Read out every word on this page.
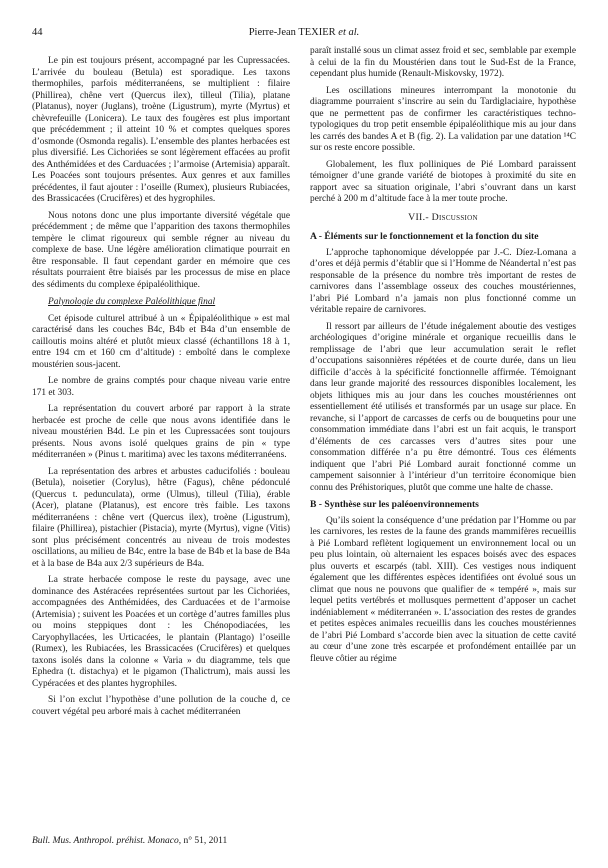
44	Pierre-Jean TEXIER et al.

Le pin est toujours présent, accompagné par les Cupressacées. L’arrivée du bouleau (Betula) est sporadique. Les taxons thermophiles, parfois méditerranéens, se multiplient : filaire (Phillirea), chêne vert (Quercus ilex), tilleul (Tilia), platane (Platanus), noyer (Juglans), troène (Ligustrum), myrte (Myrtus) et chèvrefeuille (Lonicera). Le taux des fougères est plus important que précédemment ; il atteint 10 % et comptes quelques spores d’osmonde (Osmonda regalis). L’ensemble des plantes herbacées est plus diversifié. Les Cichoriées se sont légèrement effacées au profit des Anthémidées et des Carduacées ; l’armoise (Artemisia) apparaît. Les Poacées sont toujours présentes. Aux genres et aux familles précédentes, il faut ajouter : l’oseille (Rumex), plusieurs Rubiacées, des Brassicacées (Crucifères) et des hygrophiles.

Nous notons donc une plus importante diversité végétale que précédemment ; de même que l’apparition des taxons thermophiles tempère le climat rigoureux qui semble régner au niveau du complexe de base. Une légère amélioration climatique pourrait en être responsable. Il faut cependant garder en mémoire que ces résultats pourraient être biaisés par les processus de mise en place des sédiments du complexe épipaléolithique.

Palynologie du complexe Paléolithique final

Cet épisode culturel attribué à un « Épipaléolithique » est mal caractérisé dans les couches B4c, B4b et B4a d’un ensemble de cailloutis moins altéré et plutôt mieux classé (échantillons 18 à 1, entre 194 cm et 160 cm d’altitude) : emboîté dans le complexe moustérien sous-jacent.

Le nombre de grains comptés pour chaque niveau varie entre 171 et 303.

La représentation du couvert arboré par rapport à la strate herbacée est proche de celle que nous avons identifiée dans le niveau moustérien B4d. Le pin et les Cupressacées sont toujours présents. Nous avons isolé quelques grains de pin « type méditerranéen » (Pinus t. maritima) avec les taxons méditerranéens.

La représentation des arbres et arbustes caducifoliés : bouleau (Betula), noisetier (Corylus), hêtre (Fagus), chêne pédonculé (Quercus t. pedunculata), orme (Ulmus), tilleul (Tilia), érable (Acer), platane (Platanus), est encore très faible. Les taxons méditerranéens : chêne vert (Quercus ilex), troène (Ligustrum), filaire (Phillirea), pistachier (Pistacia), myrte (Myrtus), vigne (Vitis) sont plus précisément concentrés au niveau de trois modestes oscillations, au milieu de B4c, entre la base de B4b et la base de B4a et à la base de B4a aux 2/3 supérieurs de B4a.

La strate herbacée compose le reste du paysage, avec une dominance des Astéracées représentées surtout par les Cichoriées, accompagnées des Anthémidées, des Carduacées et de l’armoise (Artemisia) ; suivent les Poacées et un cortège d’autres familles plus ou moins steppiques dont : les Chénopodiacées, les Caryophyllacées, les Urticacées, le plantain (Plantago) l’oseille (Rumex), les Rubiacées, les Brassicacées (Crucifères) et quelques taxons isolés dans la colonne « Varia » du diagramme, tels que Ephedra (t. distachya) et le pigamon (Thalictrum), mais aussi les Cypéracées et des plantes hygrophiles.

Si l’on exclut l’hypothèse d’une pollution de la couche d, ce couvert végétal peu arboré mais à cachet méditerranéen

paraît installé sous un climat assez froid et sec, semblable par exemple à celui de la fin du Moustérien dans tout le Sud-Est de la France, cependant plus humide (Renault-Miskovsky, 1972).

Les oscillations mineures interrompant la monotonie du diagramme pourraient s’inscrire au sein du Tardiglaciaire, hypothèse que ne permettent pas de confirmer les caractéristiques techno-typologiques du trop petit ensemble épipaléolithique mis au jour dans les carrés des bandes A et B (fig. 2). La validation par une datation ¹⁴C sur os reste encore possible.

Globalement, les flux polliniques de Pié Lombard paraissent témoigner d’une grande variété de biotopes à proximité du site en rapport avec sa situation originale, l’abri s’ouvrant dans un karst perché à 200 m d’altitude face à la mer toute proche.

VII.- Discussion

A - Éléments sur le fonctionnement et la fonction du site

L’approche taphonomique développée par J.-C. Díez-Lomana a d’ores et déjà permis d’établir que si l’Homme de Néandertal n’est pas responsable de la présence du nombre très important de restes de carnivores dans l’assemblage osseux des couches moustériennes, l’abri Pié Lombard n’a jamais non plus fonctionné comme un véritable repaire de carnivores.

Il ressort par ailleurs de l’étude inégalement aboutie des vestiges archéologiques d’origine minérale et organique recueillis dans le remplissage de l’abri que leur accumulation serait le reflet d’occupations saisonnières répétées et de courte durée, dans un lieu difficile d’accès à la spécificité fonctionnelle affirmée. Témoignant dans leur grande majorité des ressources disponibles localement, les objets lithiques mis au jour dans les couches moustériennes ont essentiellement été utilisés et transformés par un usage sur place. En revanche, si l’apport de carcasses de cerfs ou de bouquetins pour une consommation immédiate dans l’abri est un fait acquis, le transport d’éléments de ces carcasses vers d’autres sites pour une consommation différée n’a pu être démontré. Tous ces éléments indiquent que l’abri Pié Lombard aurait fonctionné comme un campement saisonnier à l’intérieur d’un territoire économique bien connu des Préhistoriques, plutôt que comme une halte de chasse.

B - Synthèse sur les paléoenvironnements

Qu’ils soient la conséquence d’une prédation par l’Homme ou par les carnivores, les restes de la faune des grands mammifères recueillis à Pié Lombard reflètent logiquement un environnement local ou un peu plus lointain, où alternaient les espaces boisés avec des espaces plus ouverts et escarpés (tabl. XIII). Ces vestiges nous indiquent également que les différentes espèces identifiées ont évolué sous un climat que nous ne pouvons que qualifier de « tempéré », mais sur lequel petits vertébrés et mollusques permettent d’apposer un cachet indéniablement « méditerranéen ». L’association des restes de grandes et petites espèces animales recueillis dans les couches moustériennes de l’abri Pié Lombard s’accorde bien avec la situation de cette cavité au cœur d’une zone très escarpée et profondément entaillée par un fleuve côtier au régime

Bull. Mus. Anthropol. préhist. Monaco, n° 51, 2011
